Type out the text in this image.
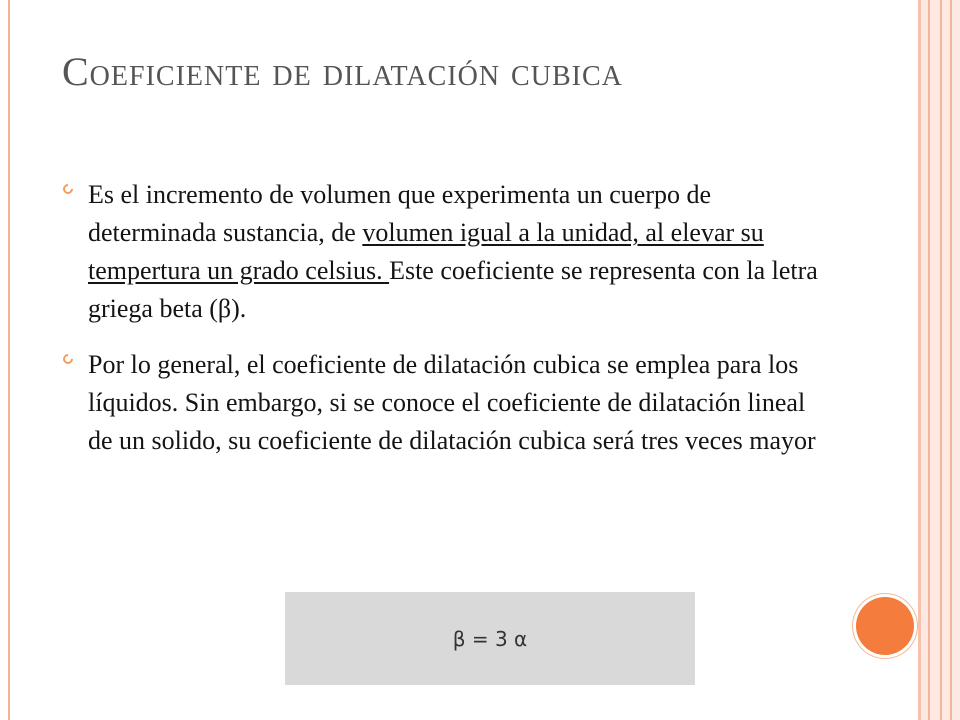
Coeficiente de dilatación cubica

Es el incremento de volumen que experimenta un cuerpo de determinada sustancia, de volumen igual a la unidad, al elevar su tempertura un grado celsius. Este coeficiente se representa con la letra griega beta (β).

Por lo general, el coeficiente de dilatación cubica se emplea para los líquidos. Sin embargo, si se conoce el coeficiente de dilatación lineal de un solido, su coeficiente de dilatación cubica será tres veces mayor

β = 3 α
